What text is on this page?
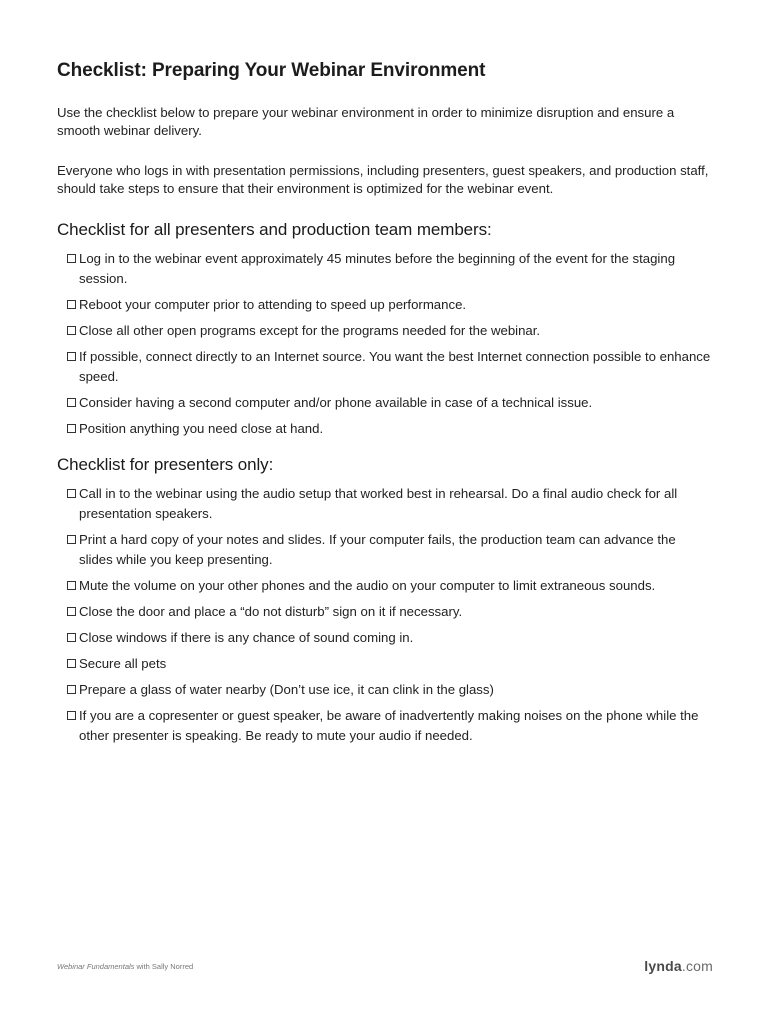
Checklist: Preparing Your Webinar Environment

Use the checklist below to prepare your webinar environment in order to minimize disruption and ensure a smooth webinar delivery.

Everyone who logs in with presentation permissions, including presenters, guest speakers, and production staff, should take steps to ensure that their environment is optimized for the webinar event.

Checklist for all presenters and production team members:
Log in to the webinar event approximately 45 minutes before the beginning of the event for the staging session.
Reboot your computer prior to attending to speed up performance.
Close all other open programs except for the programs needed for the webinar.
If possible, connect directly to an Internet source. You want the best Internet connection possible to enhance speed.
Consider having a second computer and/or phone available in case of a technical issue.
Position anything you need close at hand.
Checklist for presenters only:
Call in to the webinar using the audio setup that worked best in rehearsal. Do a final audio check for all presentation speakers.
Print a hard copy of your notes and slides. If your computer fails, the production team can advance the slides while you keep presenting.
Mute the volume on your other phones and the audio on your computer to limit extraneous sounds.
Close the door and place a “do not disturb” sign on it if necessary.
Close windows if there is any chance of sound coming in.
Secure all pets
Prepare a glass of water nearby (Don’t use ice, it can clink in the glass)
If you are a copresenter or guest speaker, be aware of inadvertently making noises on the phone while the other presenter is speaking. Be ready to mute your audio if needed.
Webinar Fundamentals with Sally Norred	lynda.com
